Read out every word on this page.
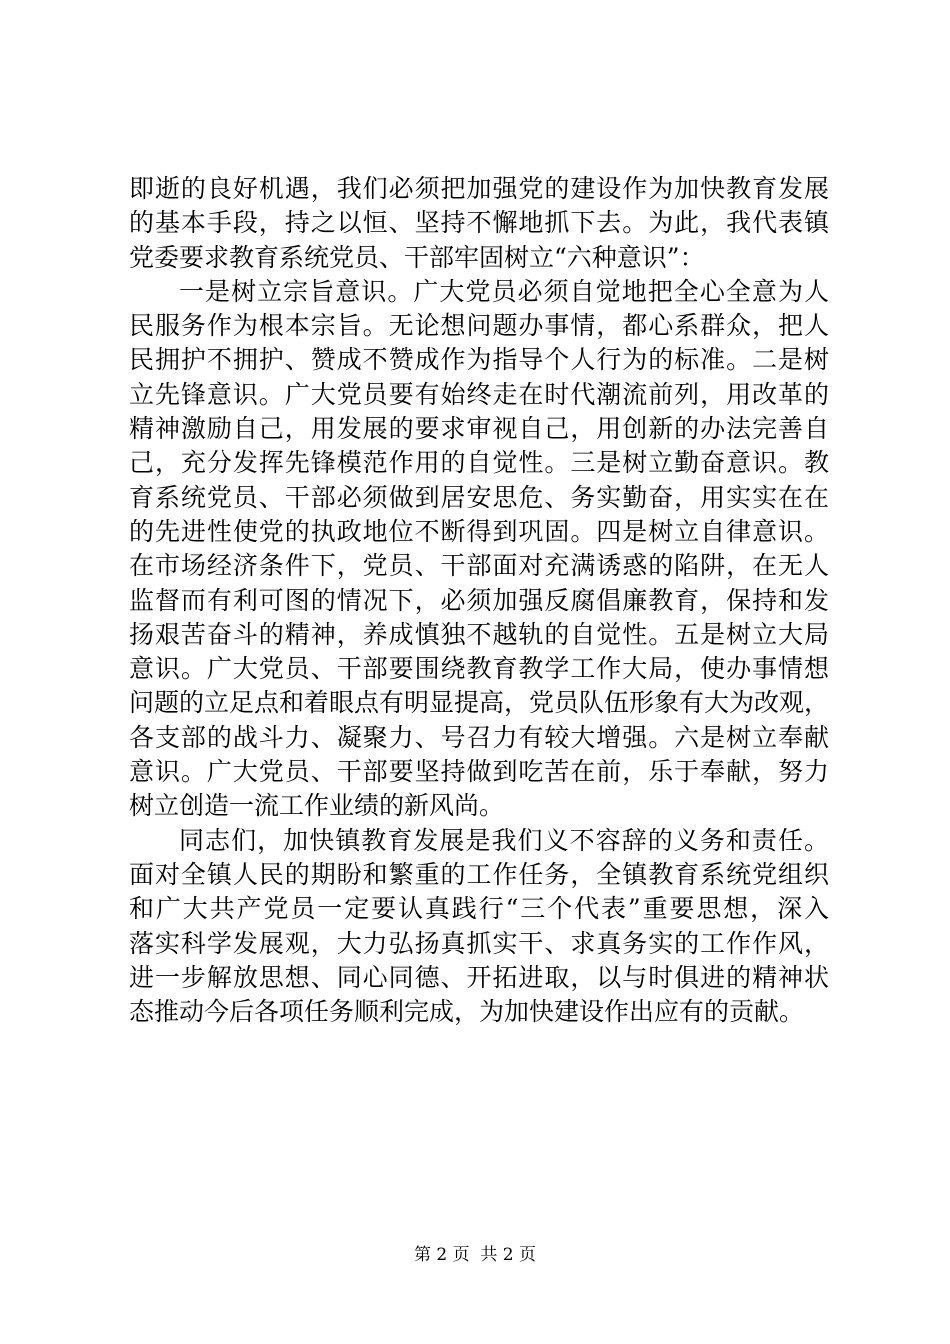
即逝的良好机遇，我们必须把加强党的建设作为加快教育发展
的基本手段，持之以恒、坚持不懈地抓下去。为此，我代表镇
党委要求教育系统党员、干部牢固树立“六种意识”：
一是树立宗旨意识。广大党员必须自觉地把全心全意为人
民服务作为根本宗旨。无论想问题办事情，都心系群众，把人
民拥护不拥护、赞成不赞成作为指导个人行为的标准。二是树
立先锋意识。广大党员要有始终走在时代潮流前列，用改革的
精神激励自己，用发展的要求审视自己，用创新的办法完善自
己，充分发挥先锋模范作用的自觉性。三是树立勤奋意识。教
育系统党员、干部必须做到居安思危、务实勤奋，用实实在在
的先进性使党的执政地位不断得到巩固。四是树立自律意识。
在市场经济条件下，党员、干部面对充满诱惑的陷阱，在无人
监督而有利可图的情况下，必须加强反腐倡廉教育，保持和发
扬艰苦奋斗的精神，养成慎独不越轨的自觉性。五是树立大局
意识。广大党员、干部要围绕教育教学工作大局，使办事情想
问题的立足点和着眼点有明显提高，党员队伍形象有大为改观，
各支部的战斗力、凝聚力、号召力有较大增强。六是树立奉献
意识。广大党员、干部要坚持做到吃苦在前，乐于奉献，努力
树立创造一流工作业绩的新风尚。
同志们，加快镇教育发展是我们义不容辞的义务和责任。
面对全镇人民的期盼和繁重的工作任务，全镇教育系统党组织
和广大共产党员一定要认真践行“三个代表”重要思想，深入
落实科学发展观，大力弘扬真抓实干、求真务实的工作作风，
进一步解放思想、同心同德、开拓进取，以与时俱进的精神状
态推动今后各项任务顺利完成，为加快建设作出应有的贡献。
第 2 页  共 2 页
